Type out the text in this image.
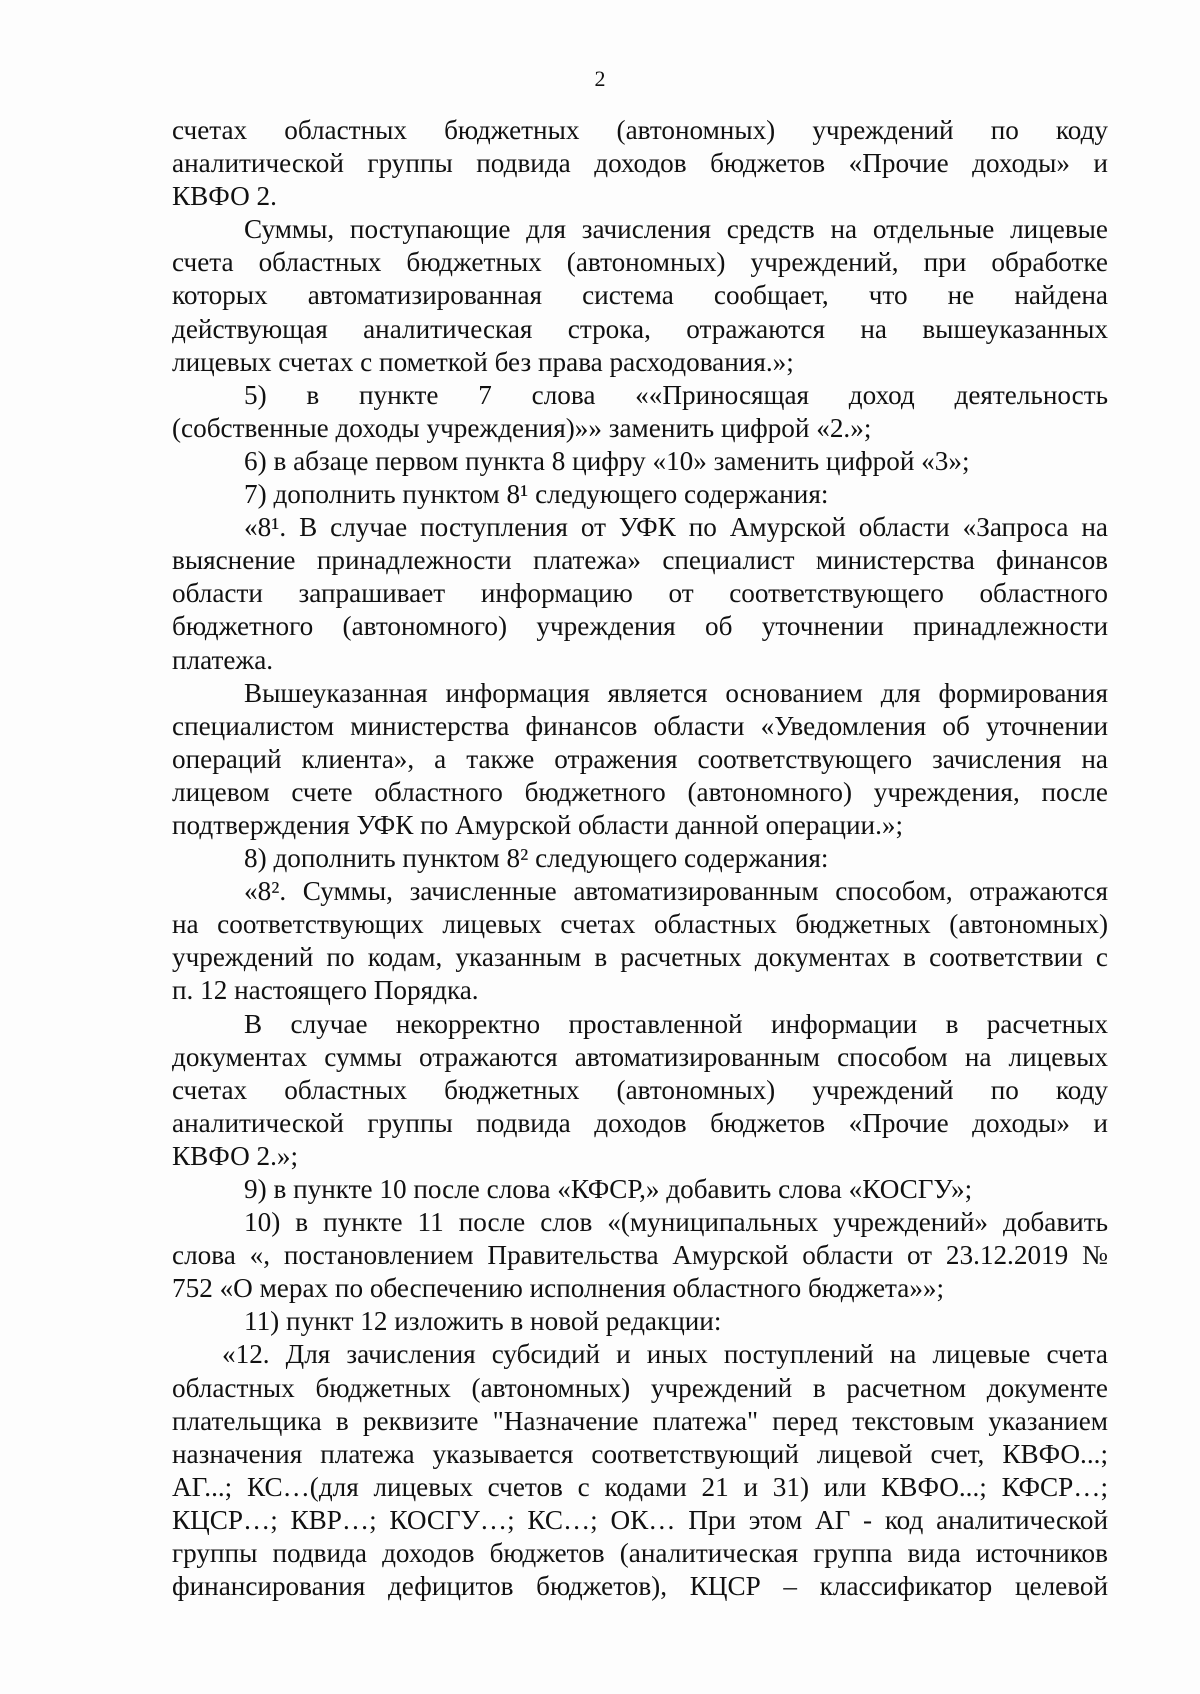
2
счетах областных бюджетных (автономных) учреждений по коду
аналитической группы подвида доходов бюджетов «Прочие доходы» и
КВФО 2.
Суммы, поступающие для зачисления средств на отдельные лицевые
счета областных бюджетных (автономных) учреждений, при обработке
которых автоматизированная система сообщает, что не найдена
действующая аналитическая строка, отражаются на вышеуказанных
лицевых счетах с пометкой без права расходования.»;
5) в пункте 7 слова ««Приносящая доход деятельность
(собственные доходы учреждения)»» заменить цифрой «2.»;
6) в абзаце первом пункта 8 цифру «10» заменить цифрой «3»;
7) дополнить пунктом 8¹ следующего содержания:
«8¹. В случае поступления от УФК по Амурской области «Запроса на
выяснение принадлежности платежа» специалист министерства финансов
области запрашивает информацию от соответствующего областного
бюджетного (автономного) учреждения об уточнении принадлежности
платежа.
Вышеуказанная информация является основанием для формирования
специалистом министерства финансов области «Уведомления об уточнении
операций клиента», а также отражения соответствующего зачисления на
лицевом счете областного бюджетного (автономного) учреждения, после
подтверждения УФК по Амурской области данной операции.»;
8) дополнить пунктом 8² следующего содержания:
«8². Суммы, зачисленные автоматизированным способом, отражаются
на соответствующих лицевых счетах областных бюджетных (автономных)
учреждений по кодам, указанным в расчетных документах в соответствии с
п. 12 настоящего Порядка.
В случае некорректно проставленной информации в расчетных
документах суммы отражаются автоматизированным способом на лицевых
счетах областных бюджетных (автономных) учреждений по коду
аналитической группы подвида доходов бюджетов «Прочие доходы» и
КВФО 2.»;
9) в пункте 10 после слова «КФСР,» добавить слова «КОСГУ»;
10) в пункте 11 после слов «(муниципальных учреждений» добавить
слова «, постановлением Правительства Амурской области от 23.12.2019 №
752 «О мерах по обеспечению исполнения областного бюджета»»;
11) пункт 12 изложить в новой редакции:
«12. Для зачисления субсидий и иных поступлений на лицевые счета
областных бюджетных (автономных) учреждений в расчетном документе
плательщика в реквизите "Назначение платежа" перед текстовым указанием
назначения платежа указывается соответствующий лицевой счет, КВФО...;
АГ...; КС…(для лицевых счетов с кодами 21 и 31) или КВФО...; КФСР…;
КЦСР…; КВР…; КОСГУ…; КС…; ОК… При этом АГ - код аналитической
группы подвида доходов бюджетов (аналитическая группа вида источников
финансирования дефицитов бюджетов), КЦСР – классификатор целевой
